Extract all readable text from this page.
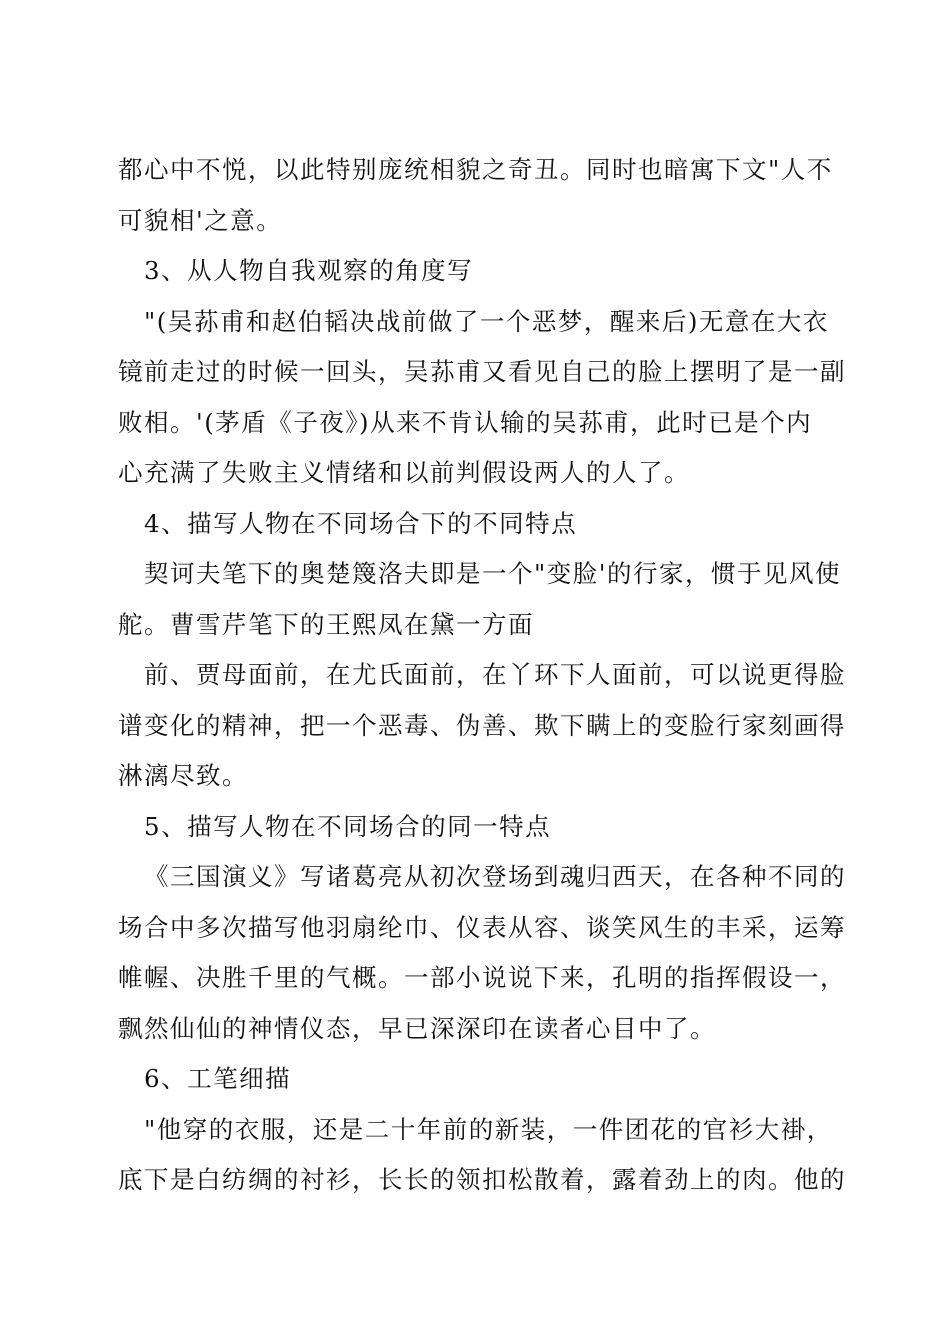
都心中不悦，以此特别庞统相貌之奇丑。同时也暗寓下文"人不
可貌相'之意。
3、从人物自我观察的角度写
"(吴荪甫和赵伯韬决战前做了一个恶梦，醒来后)无意在大衣
镜前走过的时候一回头，吴荪甫又看见自己的脸上摆明了是一副
败相。'(茅盾《子夜》)从来不肯认输的吴荪甫，此时已是个内
心充满了失败主义情绪和以前判假设两人的人了。
4、描写人物在不同场合下的不同特点
契诃夫笔下的奥楚篾洛夫即是一个"变脸'的行家，惯于见风使
舵。曹雪芹笔下的王熙凤在黛一方面
前、贾母面前，在尤氏面前，在丫环下人面前，可以说更得脸
谱变化的精神，把一个恶毒、伪善、欺下瞒上的变脸行家刻画得
淋漓尽致。
5、描写人物在不同场合的同一特点
《三国演义》写诸葛亮从初次登场到魂归西天，在各种不同的
场合中多次描写他羽扇纶巾、仪表从容、谈笑风生的丰采，运筹
帷幄、决胜千里的气概。一部小说说下来，孔明的指挥假设一，
飘然仙仙的神情仪态，早已深深印在读者心目中了。
6、工笔细描
"他穿的衣服，还是二十年前的新装，一件团花的官衫大褂，
底下是白纺绸的衬衫，长长的领扣松散着，露着劲上的肉。他的
